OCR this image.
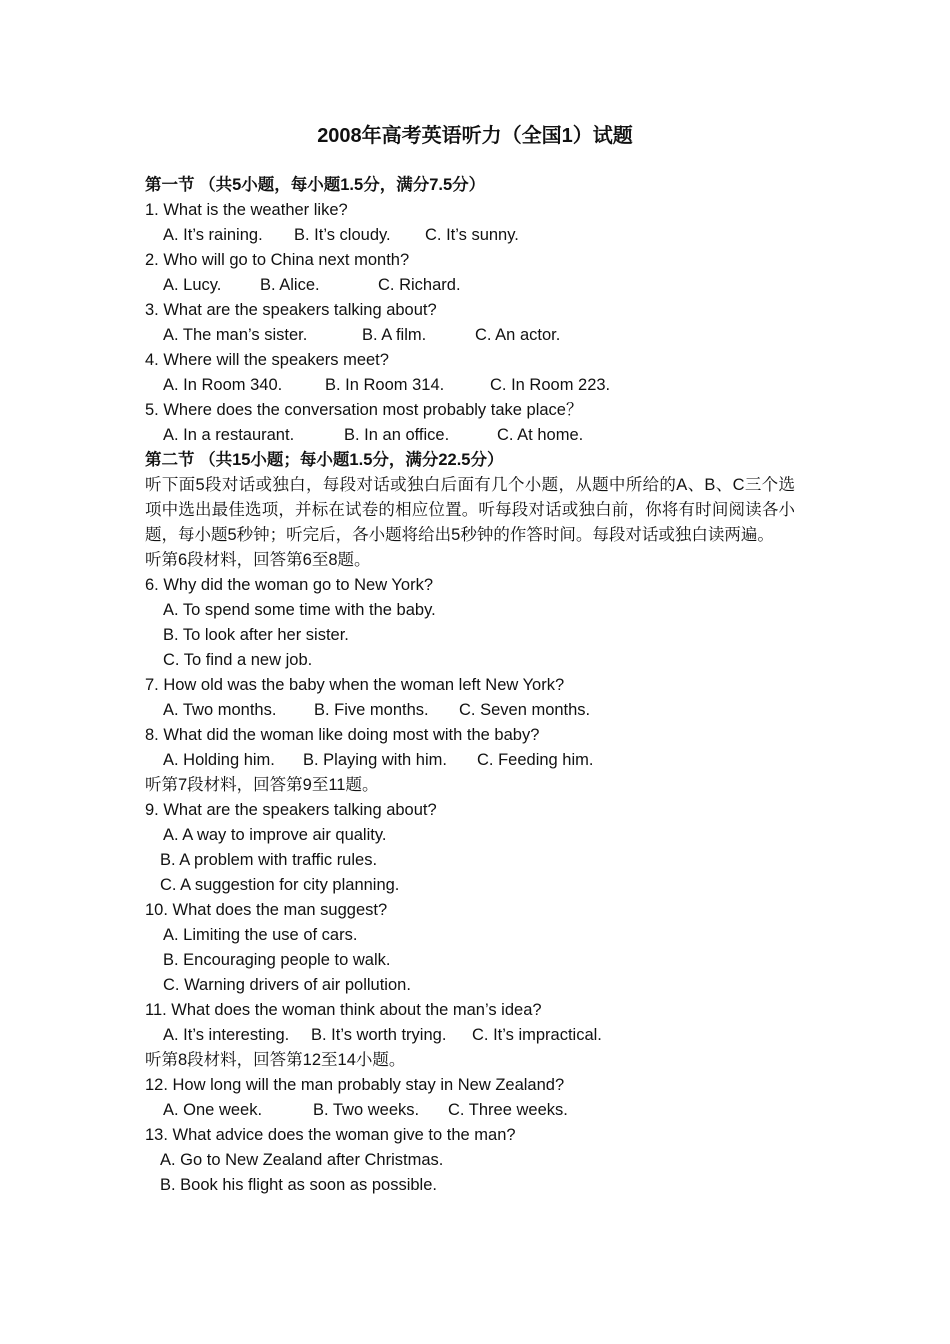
2008年高考英语听力（全国1）试题
第一节 （共5小题，每小题1.5分，满分7.5分）
1. What is the weather like?
A. It’s raining. B. It’s cloudy. C. It’s sunny.
2. Who will go to China next month?
A. Lucy. B. Alice.	C. Richard.
3. What are the speakers talking about?
A. The man’s sister.	B. A film.	C. An actor.
4. Where will the speakers meet?
A. In Room 340.	B. In Room 314.	C. In Room 223.
5. Where does the conversation most probably take place？
A. In a restaurant.	B. In an office.	C. At home.
第二节 （共15小题；每小题1.5分，满分22.5分）
听下面5段对话或独白，每段对话或独白后面有几个小题，从题中所给的A、B、C三个选项中选出最佳选项，并标在试卷的相应位置。听每段对话或独白前，你将有时间阅读各小题，每小题5秒钟；听完后，各小题将给出5秒钟的作答时间。每段对话或独白读两遍。
听第6段材料，回答第6至8题。
6. Why did the woman go to New York?
A. To spend some time with the baby.
B. To look after her sister.
C. To find a new job.
7. How old was the baby when the woman left New York?
A. Two months. B. Five months. C. Seven months.
8. What did the woman like doing most with the baby?
A. Holding him. B. Playing with him. C. Feeding him.
听第7段材料，回答第9至11题。
9. What are the speakers talking about?
A. A way to improve air quality.
B. A problem with traffic rules.
C. A suggestion for city planning.
10. What does the man suggest?
A. Limiting the use of cars.
B. Encouraging people to walk.
C. Warning drivers of air pollution.
11. What does the woman think about the man’s idea?
A. It’s interesting. B. It’s worth trying. C. It’s impractical.
听第8段材料，回答第12至14小题。
12. How long will the man probably stay in New Zealand?
A. One week.	B. Two weeks. C. Three weeks.
13. What advice does the woman give to the man?
A. Go to New Zealand after Christmas.
B. Book his flight as soon as possible.
